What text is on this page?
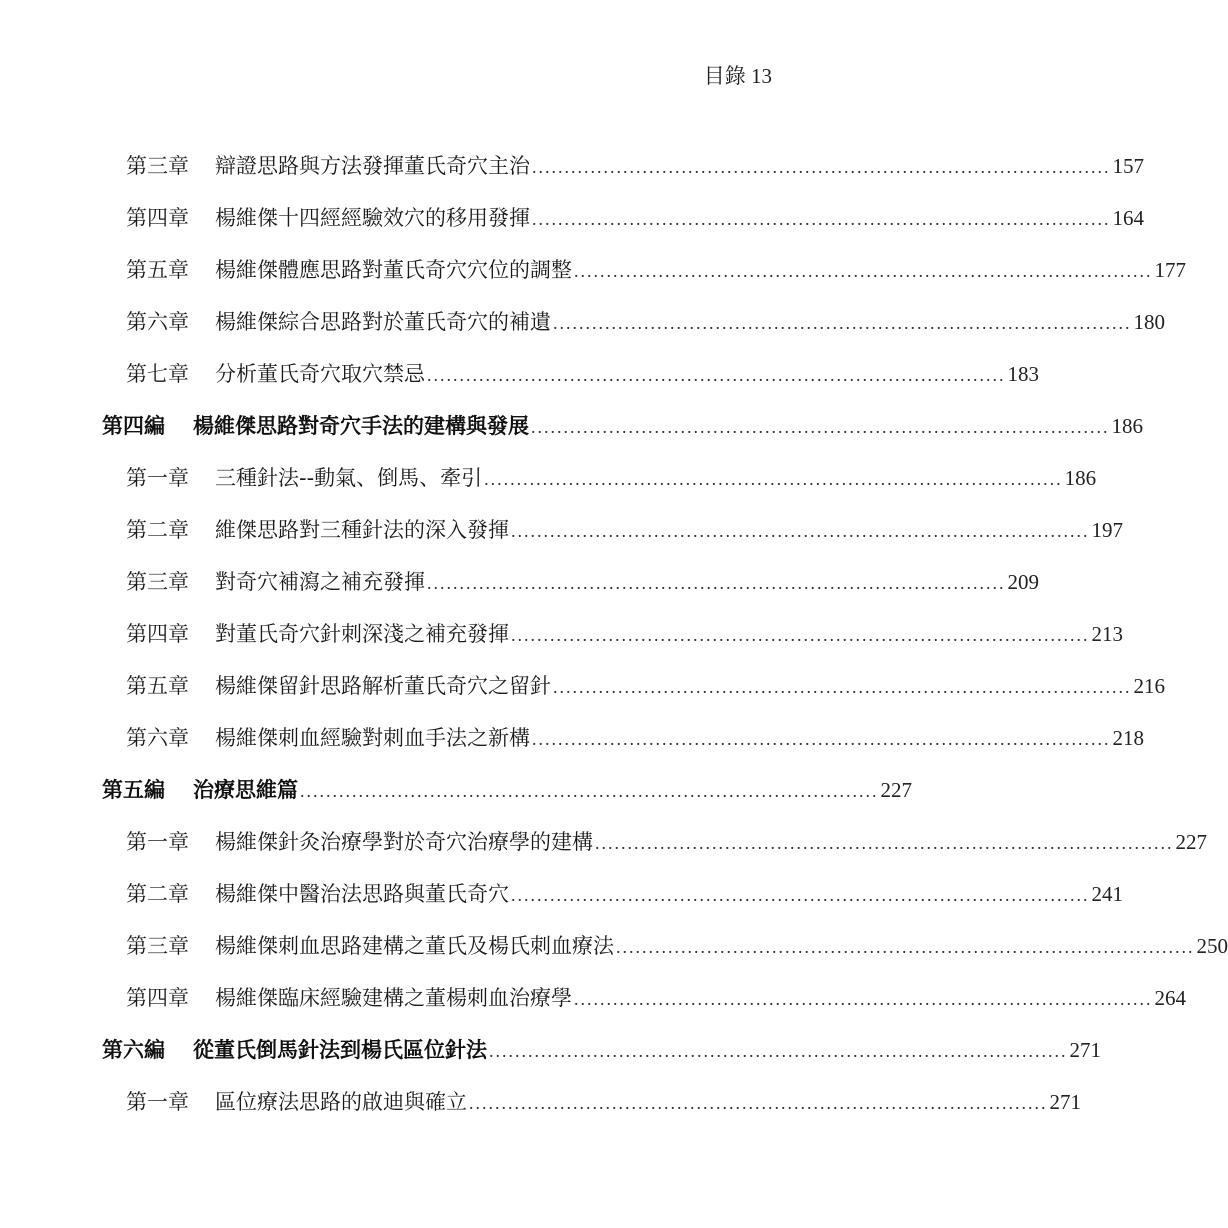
目錄 13
第三章 辯證思路與方法發揮董氏奇穴主治 ......................................................................................... 157
第四章 楊維傑十四經經驗效穴的移用發揮 ......................................................................................... 164
第五章 楊維傑體應思路對董氏奇穴穴位的調整 ......................................................................................... 177
第六章 楊維傑綜合思路對於董氏奇穴的補遺 ......................................................................................... 180
第七章 分析董氏奇穴取穴禁忌 ......................................................................................... 183
第四編 楊維傑思路對奇穴手法的建構與發展 ......................................................................................... 186
第一章 三種針法--動氣、倒馬、牽引 ......................................................................................... 186
第二章 維傑思路對三種針法的深入發揮 ......................................................................................... 197
第三章 對奇穴補瀉之補充發揮 ......................................................................................... 209
第四章 對董氏奇穴針刺深淺之補充發揮 ......................................................................................... 213
第五章 楊維傑留針思路解析董氏奇穴之留針 ......................................................................................... 216
第六章 楊維傑刺血經驗對刺血手法之新構 ......................................................................................... 218
第五編 治療思維篇 ......................................................................................... 227
第一章 楊維傑針灸治療學對於奇穴治療學的建構 ......................................................................................... 227
第二章 楊維傑中醫治法思路與董氏奇穴 ......................................................................................... 241
第三章 楊維傑刺血思路建構之董氏及楊氏刺血療法 ......................................................................................... 250
第四章 楊維傑臨床經驗建構之董楊刺血治療學 ......................................................................................... 264
第六編 從董氏倒馬針法到楊氏區位針法 ......................................................................................... 271
第一章 區位療法思路的啟迪與確立 ......................................................................................... 271
